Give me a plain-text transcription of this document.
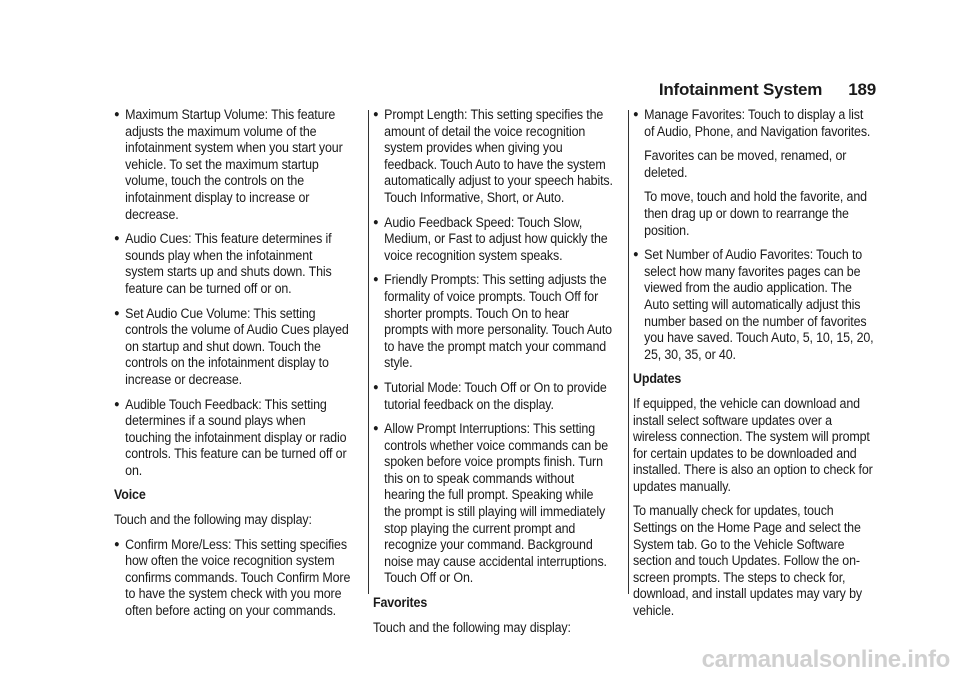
Infotainment System 189
● Maximum Startup Volume: This feature adjusts the maximum volume of the infotainment system when you start your vehicle. To set the maximum startup volume, touch the controls on the infotainment display to increase or decrease.
● Audio Cues: This feature determines if sounds play when the infotainment system starts up and shuts down. This feature can be turned off or on.
● Set Audio Cue Volume: This setting controls the volume of Audio Cues played on startup and shut down. Touch the controls on the infotainment display to increase or decrease.
● Audible Touch Feedback: This setting determines if a sound plays when touching the infotainment display or radio controls. This feature can be turned off or on.
Voice
Touch and the following may display:
● Confirm More/Less: This setting specifies how often the voice recognition system confirms commands. Touch Confirm More to have the system check with you more often before acting on your commands.
● Prompt Length: This setting specifies the amount of detail the voice recognition system provides when giving you feedback. Touch Auto to have the system automatically adjust to your speech habits. Touch Informative, Short, or Auto.
● Audio Feedback Speed: Touch Slow, Medium, or Fast to adjust how quickly the voice recognition system speaks.
● Friendly Prompts: This setting adjusts the formality of voice prompts. Touch Off for shorter prompts. Touch On to hear prompts with more personality. Touch Auto to have the prompt match your command style.
● Tutorial Mode: Touch Off or On to provide tutorial feedback on the display.
● Allow Prompt Interruptions: This setting controls whether voice commands can be spoken before voice prompts finish. Turn this on to speak commands without hearing the full prompt. Speaking while the prompt is still playing will immediately stop playing the current prompt and recognize your command. Background noise may cause accidental interruptions. Touch Off or On.
Favorites
Touch and the following may display:
● Manage Favorites: Touch to display a list of Audio, Phone, and Navigation favorites.
Favorites can be moved, renamed, or deleted.
To move, touch and hold the favorite, and then drag up or down to rearrange the position.
● Set Number of Audio Favorites: Touch to select how many favorites pages can be viewed from the audio application. The Auto setting will automatically adjust this number based on the number of favorites you have saved. Touch Auto, 5, 10, 15, 20, 25, 30, 35, or 40.
Updates
If equipped, the vehicle can download and install select software updates over a wireless connection. The system will prompt for certain updates to be downloaded and installed. There is also an option to check for updates manually.
To manually check for updates, touch Settings on the Home Page and select the System tab. Go to the Vehicle Software section and touch Updates. Follow the on-screen prompts. The steps to check for, download, and install updates may vary by vehicle.
carmanualsonline.info
